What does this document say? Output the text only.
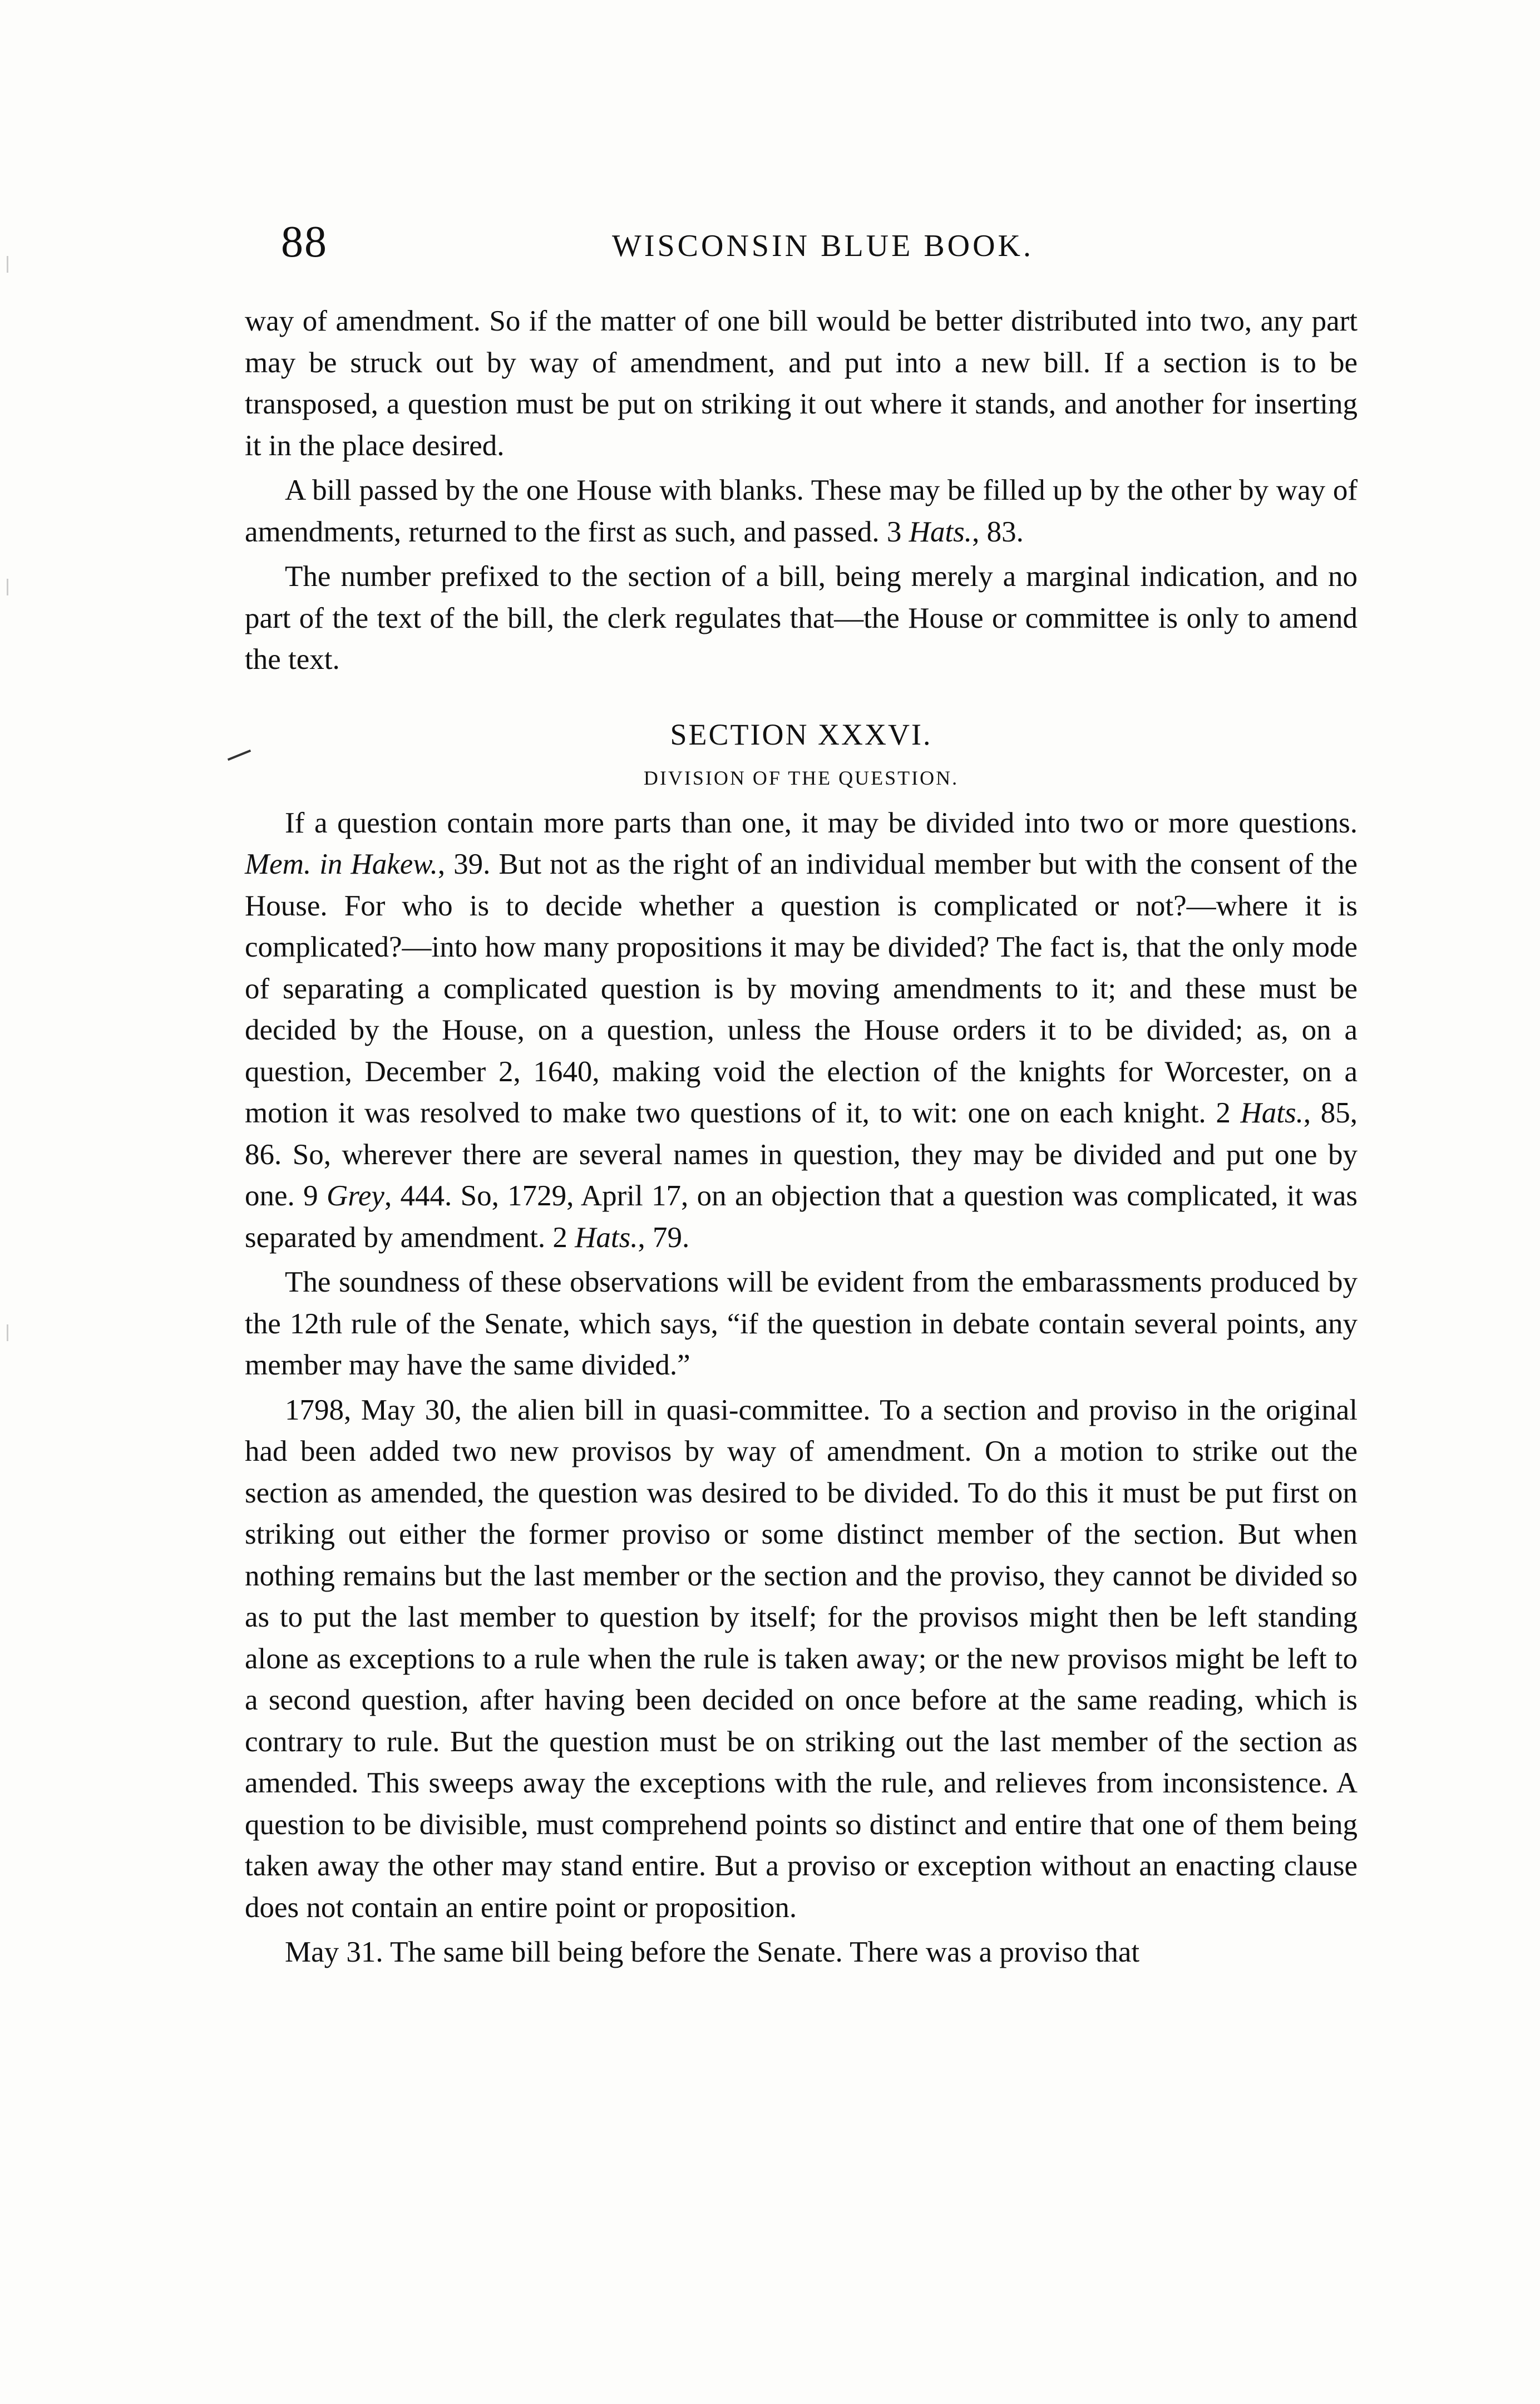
88	WISCONSIN BLUE BOOK.

way of amendment. So if the matter of one bill would be better distributed into two, any part may be struck out by way of amendment, and put into a new bill. If a section is to be transposed, a question must be put on striking it out where it stands, and another for inserting it in the place desired.

A bill passed by the one House with blanks. These may be filled up by the other by way of amendments, returned to the first as such, and passed. 3 Hats., 83.

The number prefixed to the section of a bill, being merely a marginal indication, and no part of the text of the bill, the clerk regulates that—the House or committee is only to amend the text.

SECTION XXXVI.
DIVISION OF THE QUESTION.

If a question contain more parts than one, it may be divided into two or more questions. Mem. in Hakew., 39. But not as the right of an individual member but with the consent of the House. For who is to decide whether a question is complicated or not?—where it is complicated?—into how many propositions it may be divided? The fact is, that the only mode of separating a complicated question is by moving amendments to it; and these must be decided by the House, on a question, unless the House orders it to be divided; as, on a question, December 2, 1640, making void the election of the knights for Worcester, on a motion it was resolved to make two questions of it, to wit: one on each knight. 2 Hats., 85, 86. So, wherever there are several names in question, they may be divided and put one by one. 9 Grey, 444. So, 1729, April 17, on an objection that a question was complicated, it was separated by amendment. 2 Hats., 79.

The soundness of these observations will be evident from the embarassments produced by the 12th rule of the Senate, which says, “if the question in debate contain several points, any member may have the same divided.”

1798, May 30, the alien bill in quasi-committee. To a section and proviso in the original had been added two new provisos by way of amendment. On a motion to strike out the section as amended, the question was desired to be divided. To do this it must be put first on striking out either the former proviso or some distinct member of the section. But when nothing remains but the last member or the section and the proviso, they cannot be divided so as to put the last member to question by itself; for the provisos might then be left standing alone as exceptions to a rule when the rule is taken away; or the new provisos might be left to a second question, after having been decided on once before at the same reading, which is contrary to rule. But the question must be on striking out the last member of the section as amended. This sweeps away the exceptions with the rule, and relieves from inconsistence. A question to be divisible, must comprehend points so distinct and entire that one of them being taken away the other may stand entire. But a proviso or exception without an enacting clause does not contain an entire point or proposition.

May 31. The same bill being before the Senate. There was a proviso that
